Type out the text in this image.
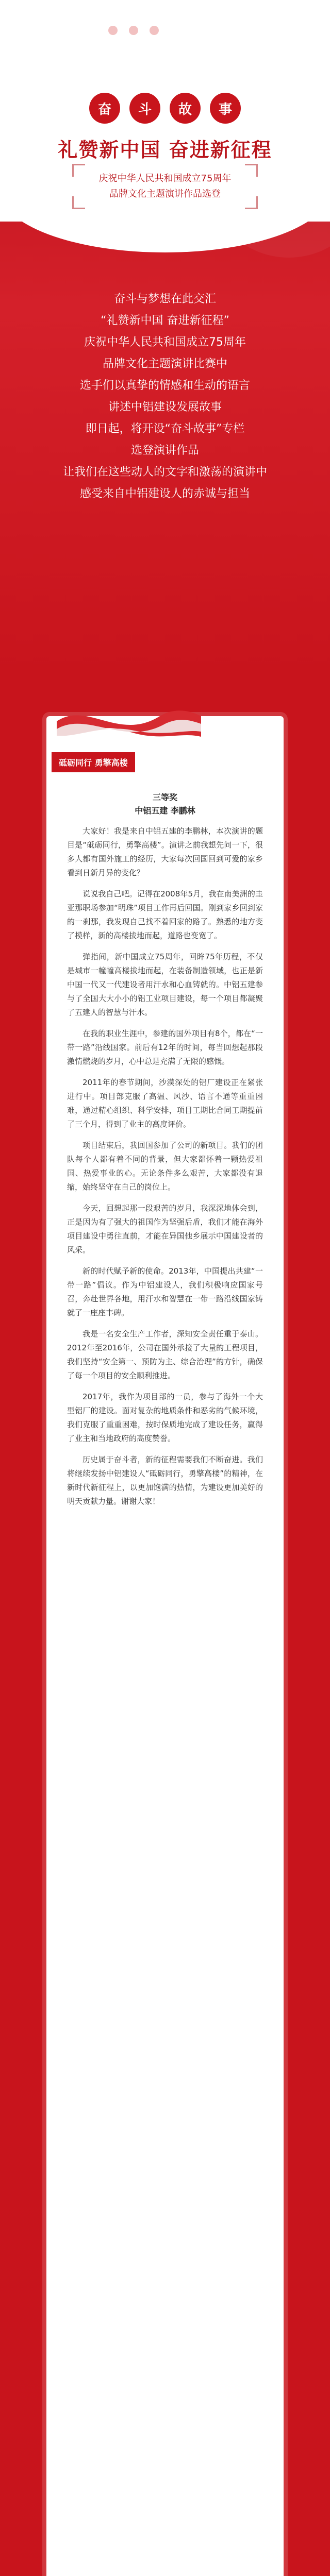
奋	斗	故	事
礼赞新中国 奋进新征程
庆祝中华人民共和国成立75周年
品牌文化主题演讲作品选登
奋斗与梦想在此交汇
“礼赞新中国 奋进新征程”
庆祝中华人民共和国成立75周年
品牌文化主题演讲比赛中
选手们以真挚的情感和生动的语言
讲述中铝建设发展故事
即日起，将开设“奋斗故事”专栏
选登演讲作品
让我们在这些动人的文字和激荡的演讲中
感受来自中铝建设人的赤诚与担当
砥砺同行 勇擎高楼
三等奖
中铝五建 李鹏林

大家好！我是来自中铝五建的李鹏林，本次演讲的题目是“砥砺同行，勇擎高楼”。演讲之前我想先问一下，很多人都有国外施工的经历，大家每次回国回到可爱的家乡看到日新月异的变化？

说说我自己吧。记得在2008年5月，我在南美洲的圭亚那职场参加“明珠”项目工作再后回国。刚到家乡回到家的一刹那，我发现自己找不着回家的路了。熟悉的地方变了模样，新的高楼拔地而起，道路也变宽了。

弹指间，新中国成立75周年，回眸75年历程，不仅是城市一幢幢高楼拔地而起，在装备制造领域，也正是新中国一代又一代建设者用汗水和心血铸就的。中铝五建参与了全国大大小小的铝工业项目建设，每一个项目都凝聚了五建人的智慧与汗水。

在我的职业生涯中，参建的国外项目有8个，都在“一带一路”沿线国家。前后有12年的时间，每当回想起那段激情燃烧的岁月，心中总是充满了无限的感慨。

2011年的春节期间，沙漠深处的铝厂建设正在紧张进行中。项目部克服了高温、风沙、语言不通等重重困难，通过精心组织、科学安排，项目工期比合同工期提前了三个月，得到了业主的高度评价。

项目结束后，我回国参加了公司的新项目。我们的团队每个人都有着不同的背景，但大家都怀着一颗热爱祖国、热爱事业的心。无论条件多么艰苦，大家都没有退缩，始终坚守在自己的岗位上。

今天，回想起那一段艰苦的岁月，我深深地体会到，正是因为有了强大的祖国作为坚强后盾，我们才能在海外项目建设中勇往直前，才能在异国他乡展示中国建设者的风采。

新的时代赋予新的使命。2013年，中国提出共建“一带一路”倡议。作为中铝建设人，我们积极响应国家号召，奔赴世界各地，用汗水和智慧在一带一路沿线国家铸就了一座座丰碑。

我是一名安全生产工作者，深知安全责任重于泰山。2012年至2016年，公司在国外承接了大量的工程项目，我们坚持“安全第一、预防为主、综合治理”的方针，确保了每一个项目的安全顺利推进。

2017年，我作为项目部的一员，参与了海外一个大型铝厂的建设。面对复杂的地质条件和恶劣的气候环境，我们克服了重重困难，按时保质地完成了建设任务，赢得了业主和当地政府的高度赞誉。

历史属于奋斗者，新的征程需要我们不断奋进。我们将继续发扬中铝建设人“砥砺同行，勇擎高楼”的精神，在新时代新征程上，以更加饱满的热情，为建设更加美好的明天贡献力量。谢谢大家！
